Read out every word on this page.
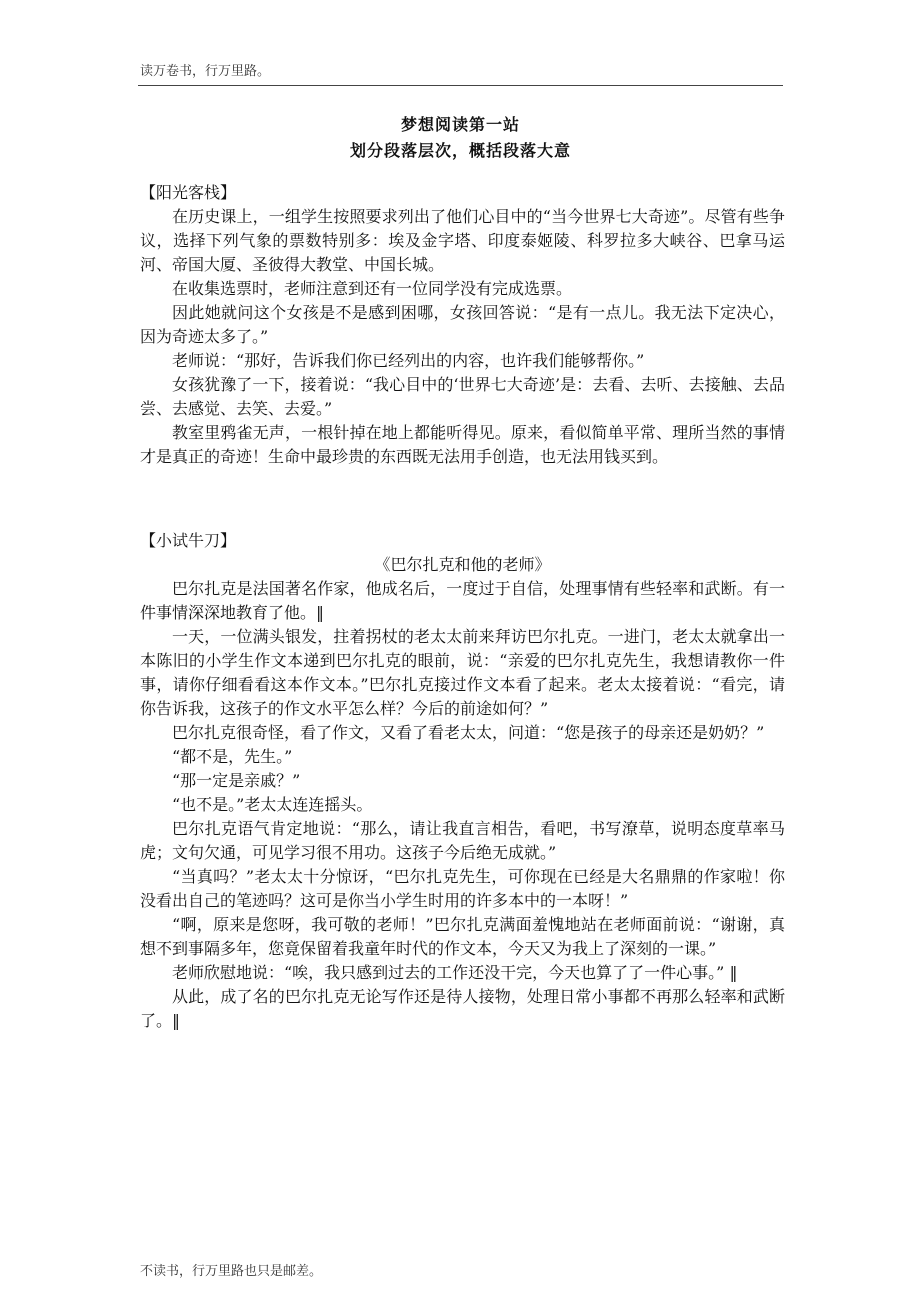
读万卷书，行万里路。
梦想阅读第一站
划分段落层次，概括段落大意

【阳光客栈】

在历史课上，一组学生按照要求列出了他们心目中的“当今世界七大奇迹”。尽管有些争议，选择下列气象的票数特别多：埃及金字塔、印度泰姬陵、科罗拉多大峡谷、巴拿马运河、帝国大厦、圣彼得大教堂、中国长城。

在收集选票时，老师注意到还有一位同学没有完成选票。

因此她就问这个女孩是不是感到困哪，女孩回答说：“是有一点儿。我无法下定决心，因为奇迹太多了。”

老师说：“那好，告诉我们你已经列出的内容，也许我们能够帮你。”

女孩犹豫了一下，接着说：“我心目中的‘世界七大奇迹’是：去看、去听、去接触、去品尝、去感觉、去笑、去爱。”

教室里鸦雀无声，一根针掉在地上都能听得见。原来，看似简单平常、理所当然的事情才是真正的奇迹！生命中最珍贵的东西既无法用手创造，也无法用钱买到。

【小试牛刀】

《巴尔扎克和他的老师》

巴尔扎克是法国著名作家，他成名后，一度过于自信，处理事情有些轻率和武断。有一件事情深深地教育了他。‖

一天，一位满头银发，拄着拐杖的老太太前来拜访巴尔扎克。一进门，老太太就拿出一本陈旧的小学生作文本递到巴尔扎克的眼前，说：“亲爱的巴尔扎克先生，我想请教你一件事，请你仔细看看这本作文本。”巴尔扎克接过作文本看了起来。老太太接着说：“看完，请你告诉我，这孩子的作文水平怎么样？今后的前途如何？”

巴尔扎克很奇怪，看了作文，又看了看老太太，问道：“您是孩子的母亲还是奶奶？”

“都不是，先生。”

“那一定是亲戚？”

“也不是。”老太太连连摇头。

巴尔扎克语气肯定地说：“那么，请让我直言相告，看吧，书写潦草，说明态度草率马虎；文句欠通，可见学习很不用功。这孩子今后绝无成就。”

“当真吗？”老太太十分惊讶，“巴尔扎克先生，可你现在已经是大名鼎鼎的作家啦！你没看出自己的笔迹吗？这可是你当小学生时用的许多本中的一本呀！”

“啊，原来是您呀，我可敬的老师！”巴尔扎克满面羞愧地站在老师面前说：“谢谢，真想不到事隔多年，您竟保留着我童年时代的作文本，今天又为我上了深刻的一课。”

老师欣慰地说：“唉，我只感到过去的工作还没干完，今天也算了了一件心事。” ‖

从此，成了名的巴尔扎克无论写作还是待人接物，处理日常小事都不再那么轻率和武断了。‖

不读书，行万里路也只是邮差。
